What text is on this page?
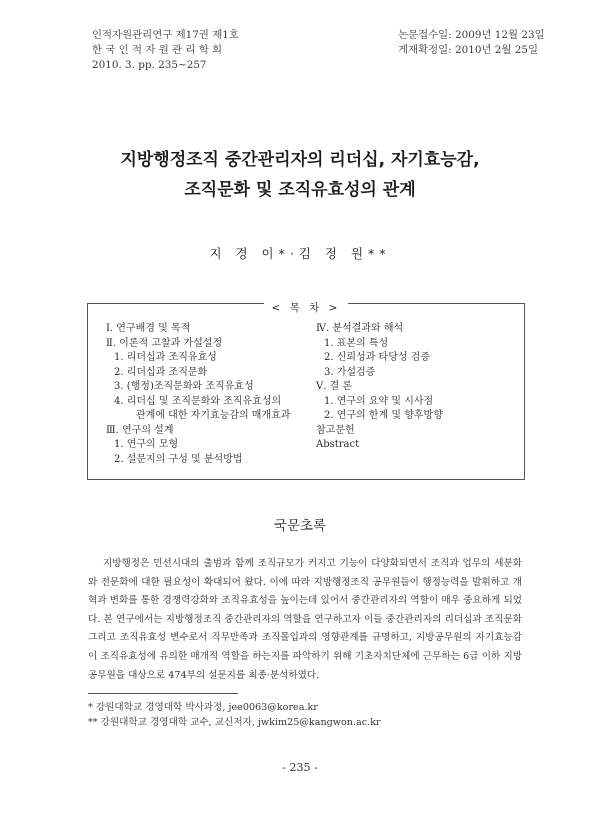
인적자원관리연구 제17권 제1호
한 국 인 적 자 원 관 리 학 회
2010. 3. pp. 235~257
논문접수일: 2009년 12월 23일
게재확정일: 2010년 2월 25일
지방행정조직 중간관리자의 리더십, 자기효능감,
조직문화 및 조직유효성의 관계
지 경 이*·김 정 원**
< 목 차 >
Ⅰ. 연구배경 및 목적
Ⅱ. 이론적 고찰과 가설설정
1. 리더십과 조직유효성
2. 리더십과 조직문화
3. (행정)조직문화와 조직유효성
4. 리더십 및 조직문화와 조직유효성의
관계에 대한 자기효능감의 매개효과
Ⅲ. 연구의 설계
1. 연구의 모형
2. 설문지의 구성 및 분석방법
Ⅳ. 분석결과와 해석
1. 표본의 특성
2. 신뢰성과 타당성 검증
3. 가설검증
Ⅴ. 결 론
1. 연구의 요약 및 시사점
2. 연구의 한계 및 향후방향
참고문헌
Abstract
국문초록

지방행정은 민선시대의 출범과 함께 조직규모가 커지고 기능이 다양화되면서 조직과 업무의 세분화와 전문화에 대한 필요성이 확대되어 왔다. 이에 따라 지방행정조직 공무원들이 행정능력을 발휘하고 개혁과 변화를 통한 경쟁력강화와 조직유효성을 높이는데 있어서 중간관리자의 역할이 매우 중요하게 되었다. 본 연구에서는 지방행정조직 중간관리자의 역할을 연구하고자 이들 중간관리자의 리더십과 조직문화 그리고 조직유효성 변수로서 직무만족과 조직몰입과의 영향관계를 규명하고, 지방공무원의 자기효능감이 조직유효성에 유의한 매개적 역할을 하는지를 파악하기 위해 기초자치단체에 근무하는 6급 이하 지방공무원을 대상으로 474부의 설문지를 최종·분석하였다.

* 강원대학교 경영대학 박사과정, jee0063@korea.kr
** 강원대학교 경영대학 교수, 교신저자, jwkim25@kangwon.ac.kr
- 235 -
